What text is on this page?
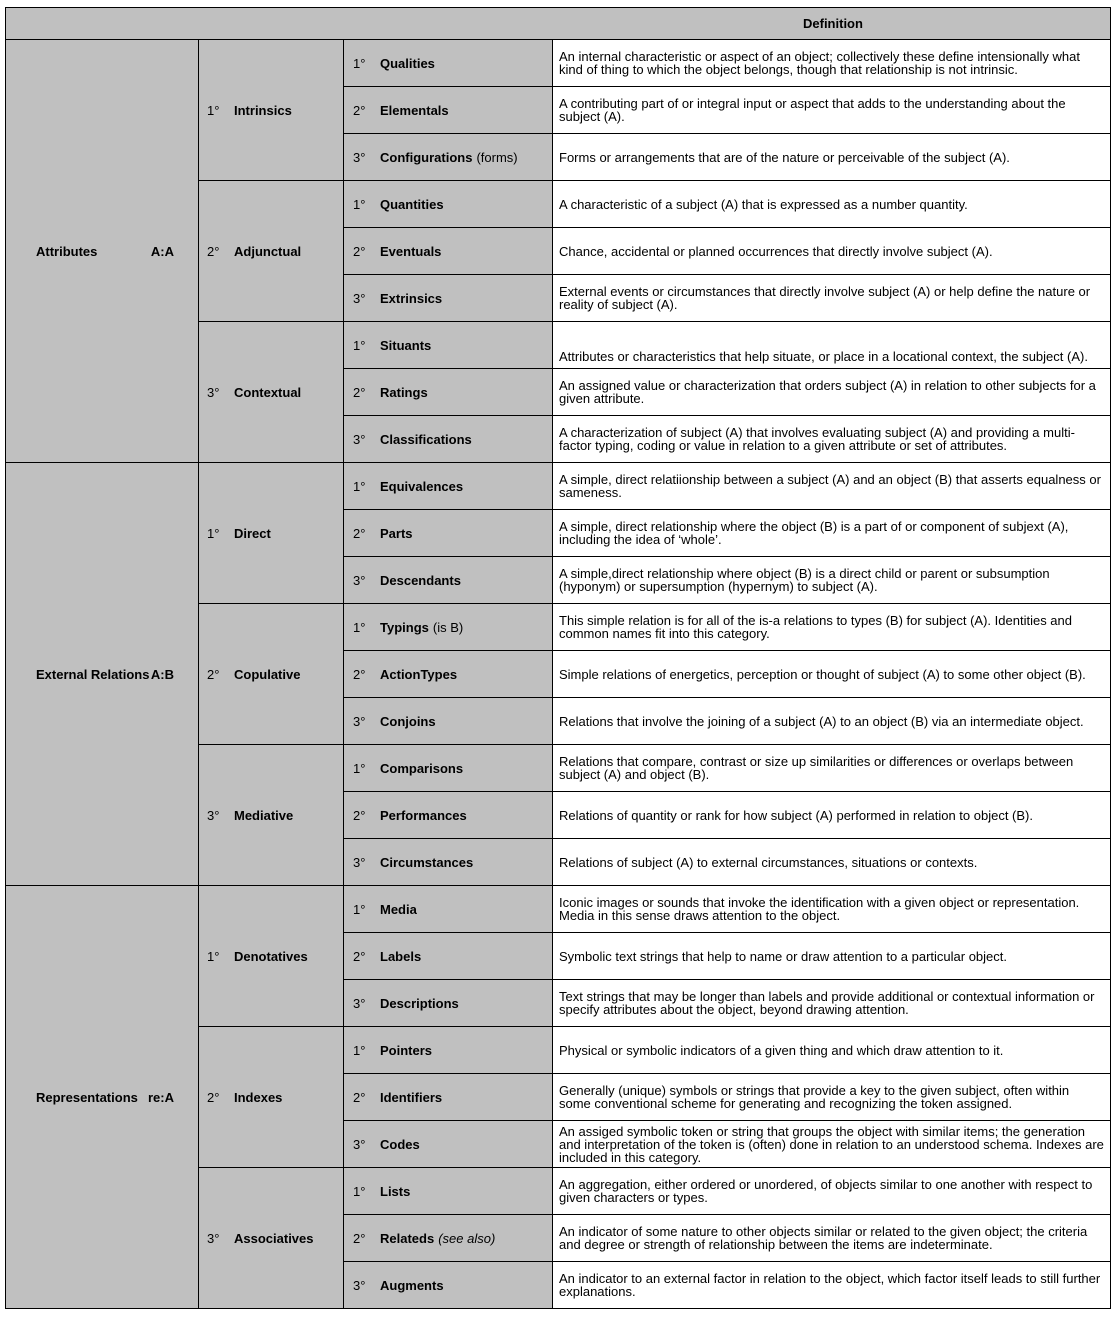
Definition			

Attributes A:A	1° Intrinsics	1° Qualities	An internal characteristic or aspect of an object; collectively these define intensionally what kind of thing to which the object belongs, though that relationship is not intrinsic.

		2° Elementals	A contributing part of or integral input or aspect that adds to the understanding about the subject (A).

		3° Configurations (forms)	Forms or arrangements that are of the nature or perceivable of the subject (A).

	2° Adjunctual	1° Quantities	A characteristic of a subject (A) that is expressed as a number quantity.

		2° Eventuals	Chance, accidental or planned occurrences that directly involve subject (A).

		3° Extrinsics	External events or circumstances that directly involve subject (A) or help define the nature or reality of subject (A).

	3° Contextual	1° Situants	Attributes or characteristics that help situate, or place in a locational context, the subject (A).

		2° Ratings	An assigned value or characterization that orders subject (A) in relation to other subjects for a given attribute.

		3° Classifications	A characterization of subject (A) that involves evaluating subject (A) and providing a multi-factor typing, coding or value in relation to a given attribute or set of attributes.

External Relations A:B	1° Direct	1° Equivalences	A simple, direct relatiionship between a subject (A) and an object (B) that asserts equalness or sameness.

		2° Parts	A simple, direct relationship where the object (B) is a part of or component of subjext (A), including the idea of ‘whole’.

		3° Descendants	A simple,direct relationship where object (B) is a direct child or parent or subsumption (hyponym) or supersumption (hypernym) to subject (A).

	2° Copulative	1° Typings (is B)	This simple relation is for all of the is-a relations to types (B) for subject (A). Identities and common names fit into this category.

		2° ActionTypes	Simple relations of energetics, perception or thought of subject (A) to some other object (B).

		3° Conjoins	Relations that involve the joining of a subject (A) to an object (B) via an intermediate object.

	3° Mediative	1° Comparisons	Relations that compare, contrast or size up similarities or differences or overlaps between subject (A) and object (B).

		2° Performances	Relations of quantity or rank for how subject (A) performed in relation to object (B).

		3° Circumstances	Relations of subject (A) to external circumstances, situations or contexts.

Representations re:A	1° Denotatives	1° Media	Iconic images or sounds that invoke the identification with a given object or representation. Media in this sense draws attention to the object.

		2° Labels	Symbolic text strings that help to name or draw attention to a particular object.

		3° Descriptions	Text strings that may be longer than labels and provide additional or contextual information or specify attributes about the object, beyond drawing attention.

	2° Indexes	1° Pointers	Physical or symbolic indicators of a given thing and which draw attention to it.

		2° Identifiers	Generally (unique) symbols or strings that provide a key to the given subject, often within some conventional scheme for generating and recognizing the token assigned.

		3° Codes	An assiged symbolic token or string that groups the object with similar items; the generation and interpretation of the token is (often) done in relation to an understood schema. Indexes are included in this category.

	3° Associatives	1° Lists	An aggregation, either ordered or unordered, of objects similar to one another with respect to given characters or types.

		2° Relateds (see also)	An indicator of some nature to other objects similar or related to the given object; the criteria and degree or strength of relationship between the items are indeterminate.

		3° Augments	An indicator to an external factor in relation to the object, which factor itself leads to still further explanations.
